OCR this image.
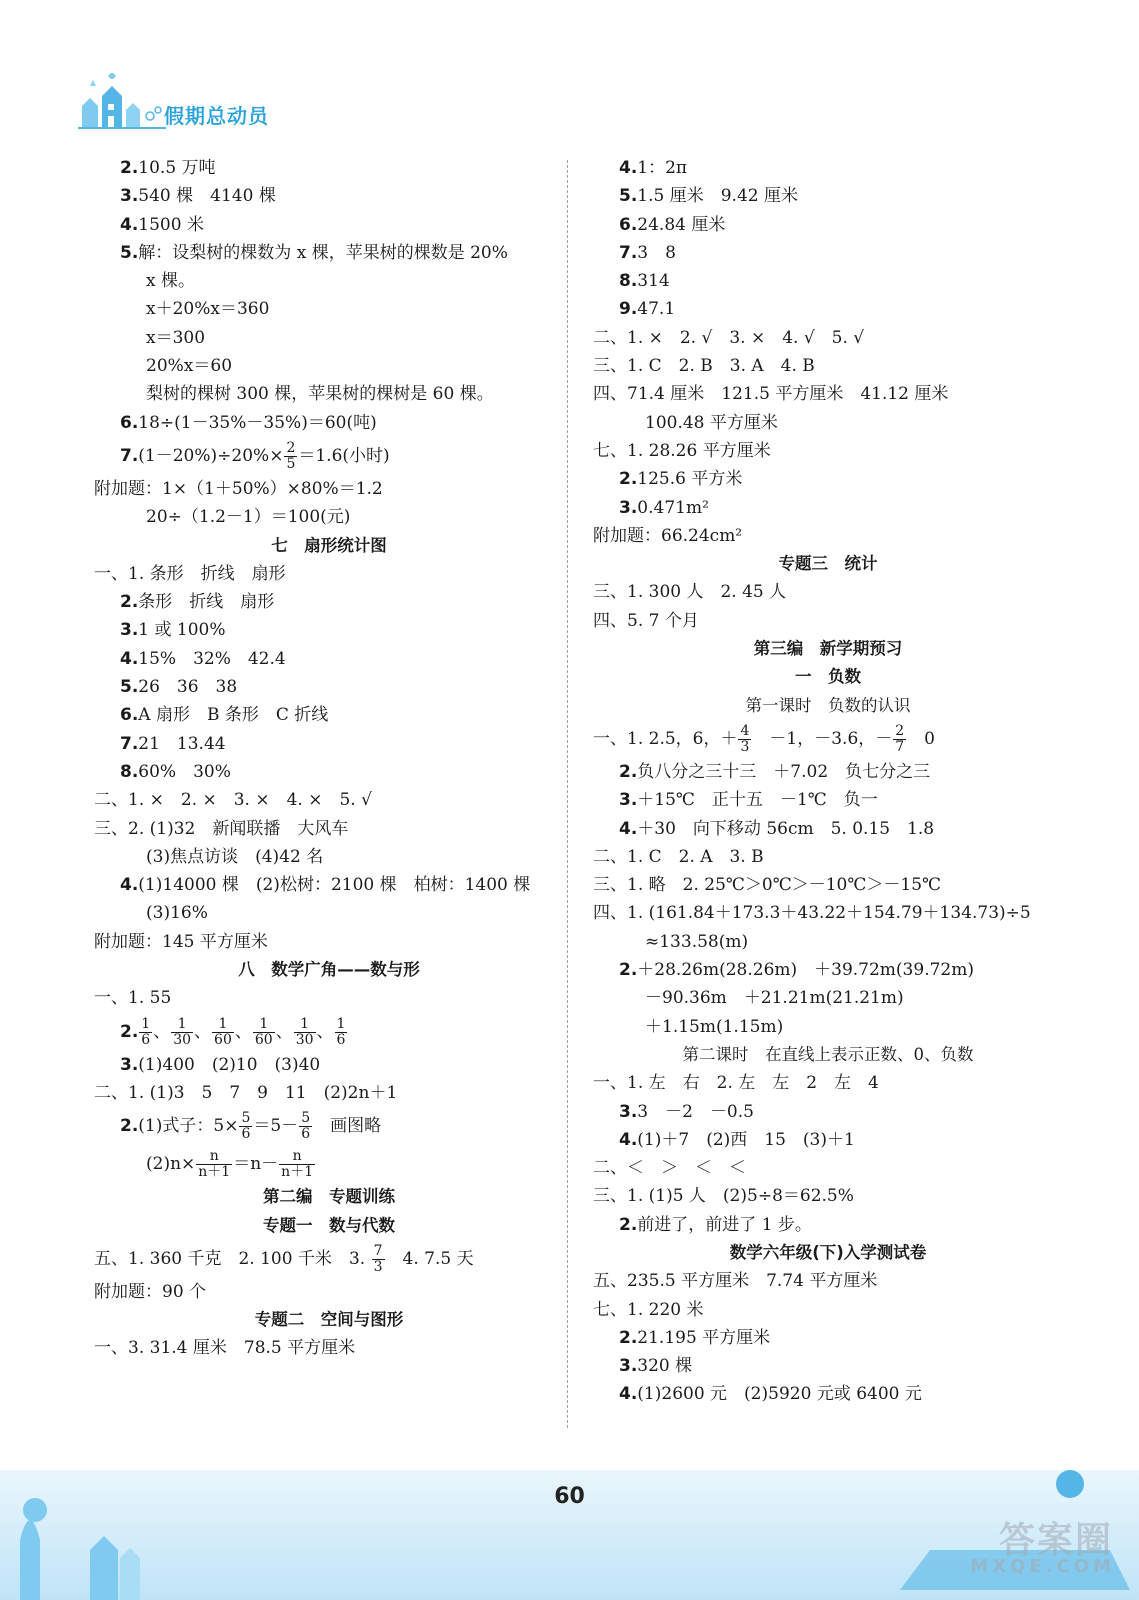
假期总动员
2.10.5 万吨
3.540 棵　4140 棵
4.1500 米
5.解：设梨树的棵数为 x 棵，苹果树的棵数是 20%
x 棵。
x＋20%x＝360
x＝300
20%x＝60
梨树的棵树 300 棵，苹果树的棵树是 60 棵。
6.18÷(1－35%－35%)＝60(吨)
$7.(1-20\%)\div 20\%\times \frac{2}{5} =1.6$(小时)
附加题：1×（1＋50%）×80%＝1.2
20÷（1.2－1）＝100(元)
七　扇形统计图
一、1. 条形　折线　扇形
2.条形　折线　扇形
3.1 或 100%
4.15%　32%　42.4
5.26　36　38
6.A 扇形　B 条形　C 折线
7.21　13.44
8.60%　30%
二、1. ×　2. ×　3. ×　4. ×　5. √
三、2. (1)32　新闻联播　大风车
(3)焦点访谈　(4)42 名
4.(1)14000 棵　(2)松树：2100 棵　柏树：1400 棵
(3)16%
附加题：145 平方厘米
八　数学广角——数与形
一、1. 55
2. $\frac{1}{6}$ 、 $\frac{1}{30}$ 、 $\frac{1}{60}$ 、 $\frac{1}{60}$ 、 $\frac{1}{30}$ 、 $\frac{1}{6}$
3.(1)400　(2)10　(3)40
二、1. (1)3　5　7　9　11　(2)2n＋1
2.(1)式子：$5\times \frac{5}{6} =5- \frac{5}{6}$ 　画图略
$(2)n\times \frac{n}{n+1} =n- \frac{n}{n+1}$
第二编　专题训练
专题一　数与代数
五、1. 360 千克　2. 100 千米　3. $\frac{7}{3}$ 　4. 7.5 天
附加题：90 个
专题二　空间与图形
一、3. 31.4 厘米　78.5 平方厘米
4.1：2π
5.1.5 厘米　9.42 厘米
6.24.84 厘米
7.3　8
8.314
9.47.1
二、1. ×　2. √　3. ×　4. √　5. √
三、1. C　2. B　3. A　4. B
四、71.4 厘米　121.5 平方厘米　41.12 厘米
100.48 平方厘米
七、1. 28.26 平方厘米
2.125.6 平方米
3.0.471m²
附加题：66.24cm²
专题三　统计
三、1. 300 人　2. 45 人
四、5. 7 个月
第三编　新学期预习
一　负数
第一课时　负数的认识
一、1. 2.5，6，＋ $\frac{4}{3}$ 　－1，－3.6，－ $\frac{2}{7}$ 　0
2.负八分之三十三　＋7.02　负七分之三
3.＋15℃　正十五　－1℃　负一
4.＋30　向下移动 56cm　5. 0.15　1.8
二、1. C　2. A　3. B
三、1. 略　2. 25℃＞0℃＞－10℃＞－15℃
四、1. (161.84＋173.3＋43.22＋154.79＋134.73)÷5
≈133.58(m)
2.＋28.26m(28.26m)　＋39.72m(39.72m)
－90.36m　＋21.21m(21.21m)
＋1.15m(1.15m)
第二课时　在直线上表示正数、0、负数
一、1. 左　右　2. 左　左　2　左　4
3.3　－2　－0.5
4.(1)＋7　(2)西　15　(3)＋1
二、＜　＞　＜　＜
三、1. (1)5 人　(2)5÷8＝62.5%
2.前进了，前进了 1 步。
数学六年级(下)入学测试卷
五、235.5 平方厘米　7.74 平方厘米
七、1. 220 米
2.21.195 平方厘米
3.320 棵
4.(1)2600 元　(2)5920 元或 6400 元
60
答案圈
MXQE.COM
